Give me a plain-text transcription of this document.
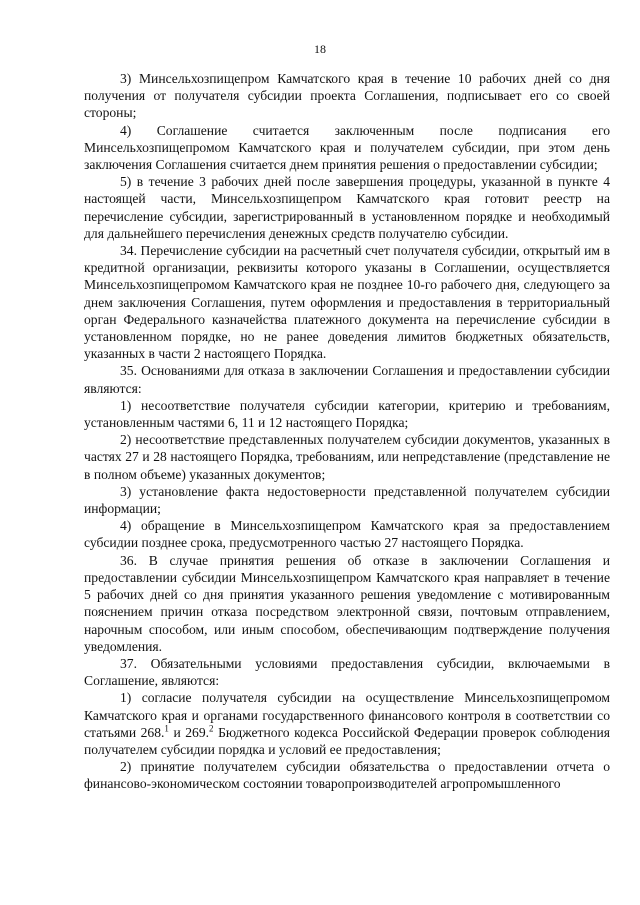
18

3) Минсельхозпищепром Камчатского края в течение 10 рабочих дней со дня получения от получателя субсидии проекта Соглашения, подписывает его со своей стороны;

4) Соглашение считается заключенным после подписания его Минсельхозпищепромом Камчатского края и получателем субсидии, при этом день заключения Соглашения считается днем принятия решения о предоставлении субсидии;

5) в течение 3 рабочих дней после завершения процедуры, указанной в пункте 4 настоящей части, Минсельхозпищепром Камчатского края готовит реестр на перечисление субсидии, зарегистрированный в установленном порядке и необходимый для дальнейшего перечисления денежных средств получателю субсидии.

34. Перечисление субсидии на расчетный счет получателя субсидии, открытый им в кредитной организации, реквизиты которого указаны в Соглашении, осуществляется Минсельхозпищепромом Камчатского края не позднее 10-го рабочего дня, следующего за днем заключения Соглашения, путем оформления и предоставления в территориальный орган Федерального казначейства платежного документа на перечисление субсидии в установленном порядке, но не ранее доведения лимитов бюджетных обязательств, указанных в части 2 настоящего Порядка.

35. Основаниями для отказа в заключении Соглашения и предоставлении субсидии являются:

1) несоответствие получателя субсидии категории, критерию и требованиям, установленным частями 6, 11 и 12 настоящего Порядка;

2) несоответствие представленных получателем субсидии документов, указанных в частях 27 и 28 настоящего Порядка, требованиям, или непредставление (представление не в полном объеме) указанных документов;

3) установление факта недостоверности представленной получателем субсидии информации;

4) обращение в Минсельхозпищепром Камчатского края за предоставлением субсидии позднее срока, предусмотренного частью 27 настоящего Порядка.

36. В случае принятия решения об отказе в заключении Соглашения и предоставлении субсидии Минсельхозпищепром Камчатского края направляет в течение 5 рабочих дней со дня принятия указанного решения уведомление с мотивированным пояснением причин отказа посредством электронной связи, почтовым отправлением, нарочным способом, или иным способом, обеспечивающим подтверждение получения уведомления.

37. Обязательными условиями предоставления субсидии, включаемыми в Соглашение, являются:

1) согласие получателя субсидии на осуществление Минсельхозпищепромом Камчатского края и органами государственного финансового контроля в соответствии со статьями 268.$^1$ и 269.$^2$ Бюджетного кодекса Российской Федерации проверок соблюдения получателем субсидии порядка и условий ее предоставления;

2) принятие получателем субсидии обязательства о предоставлении отчета о финансово-экономическом состоянии товаропроизводителей агропромышленного
